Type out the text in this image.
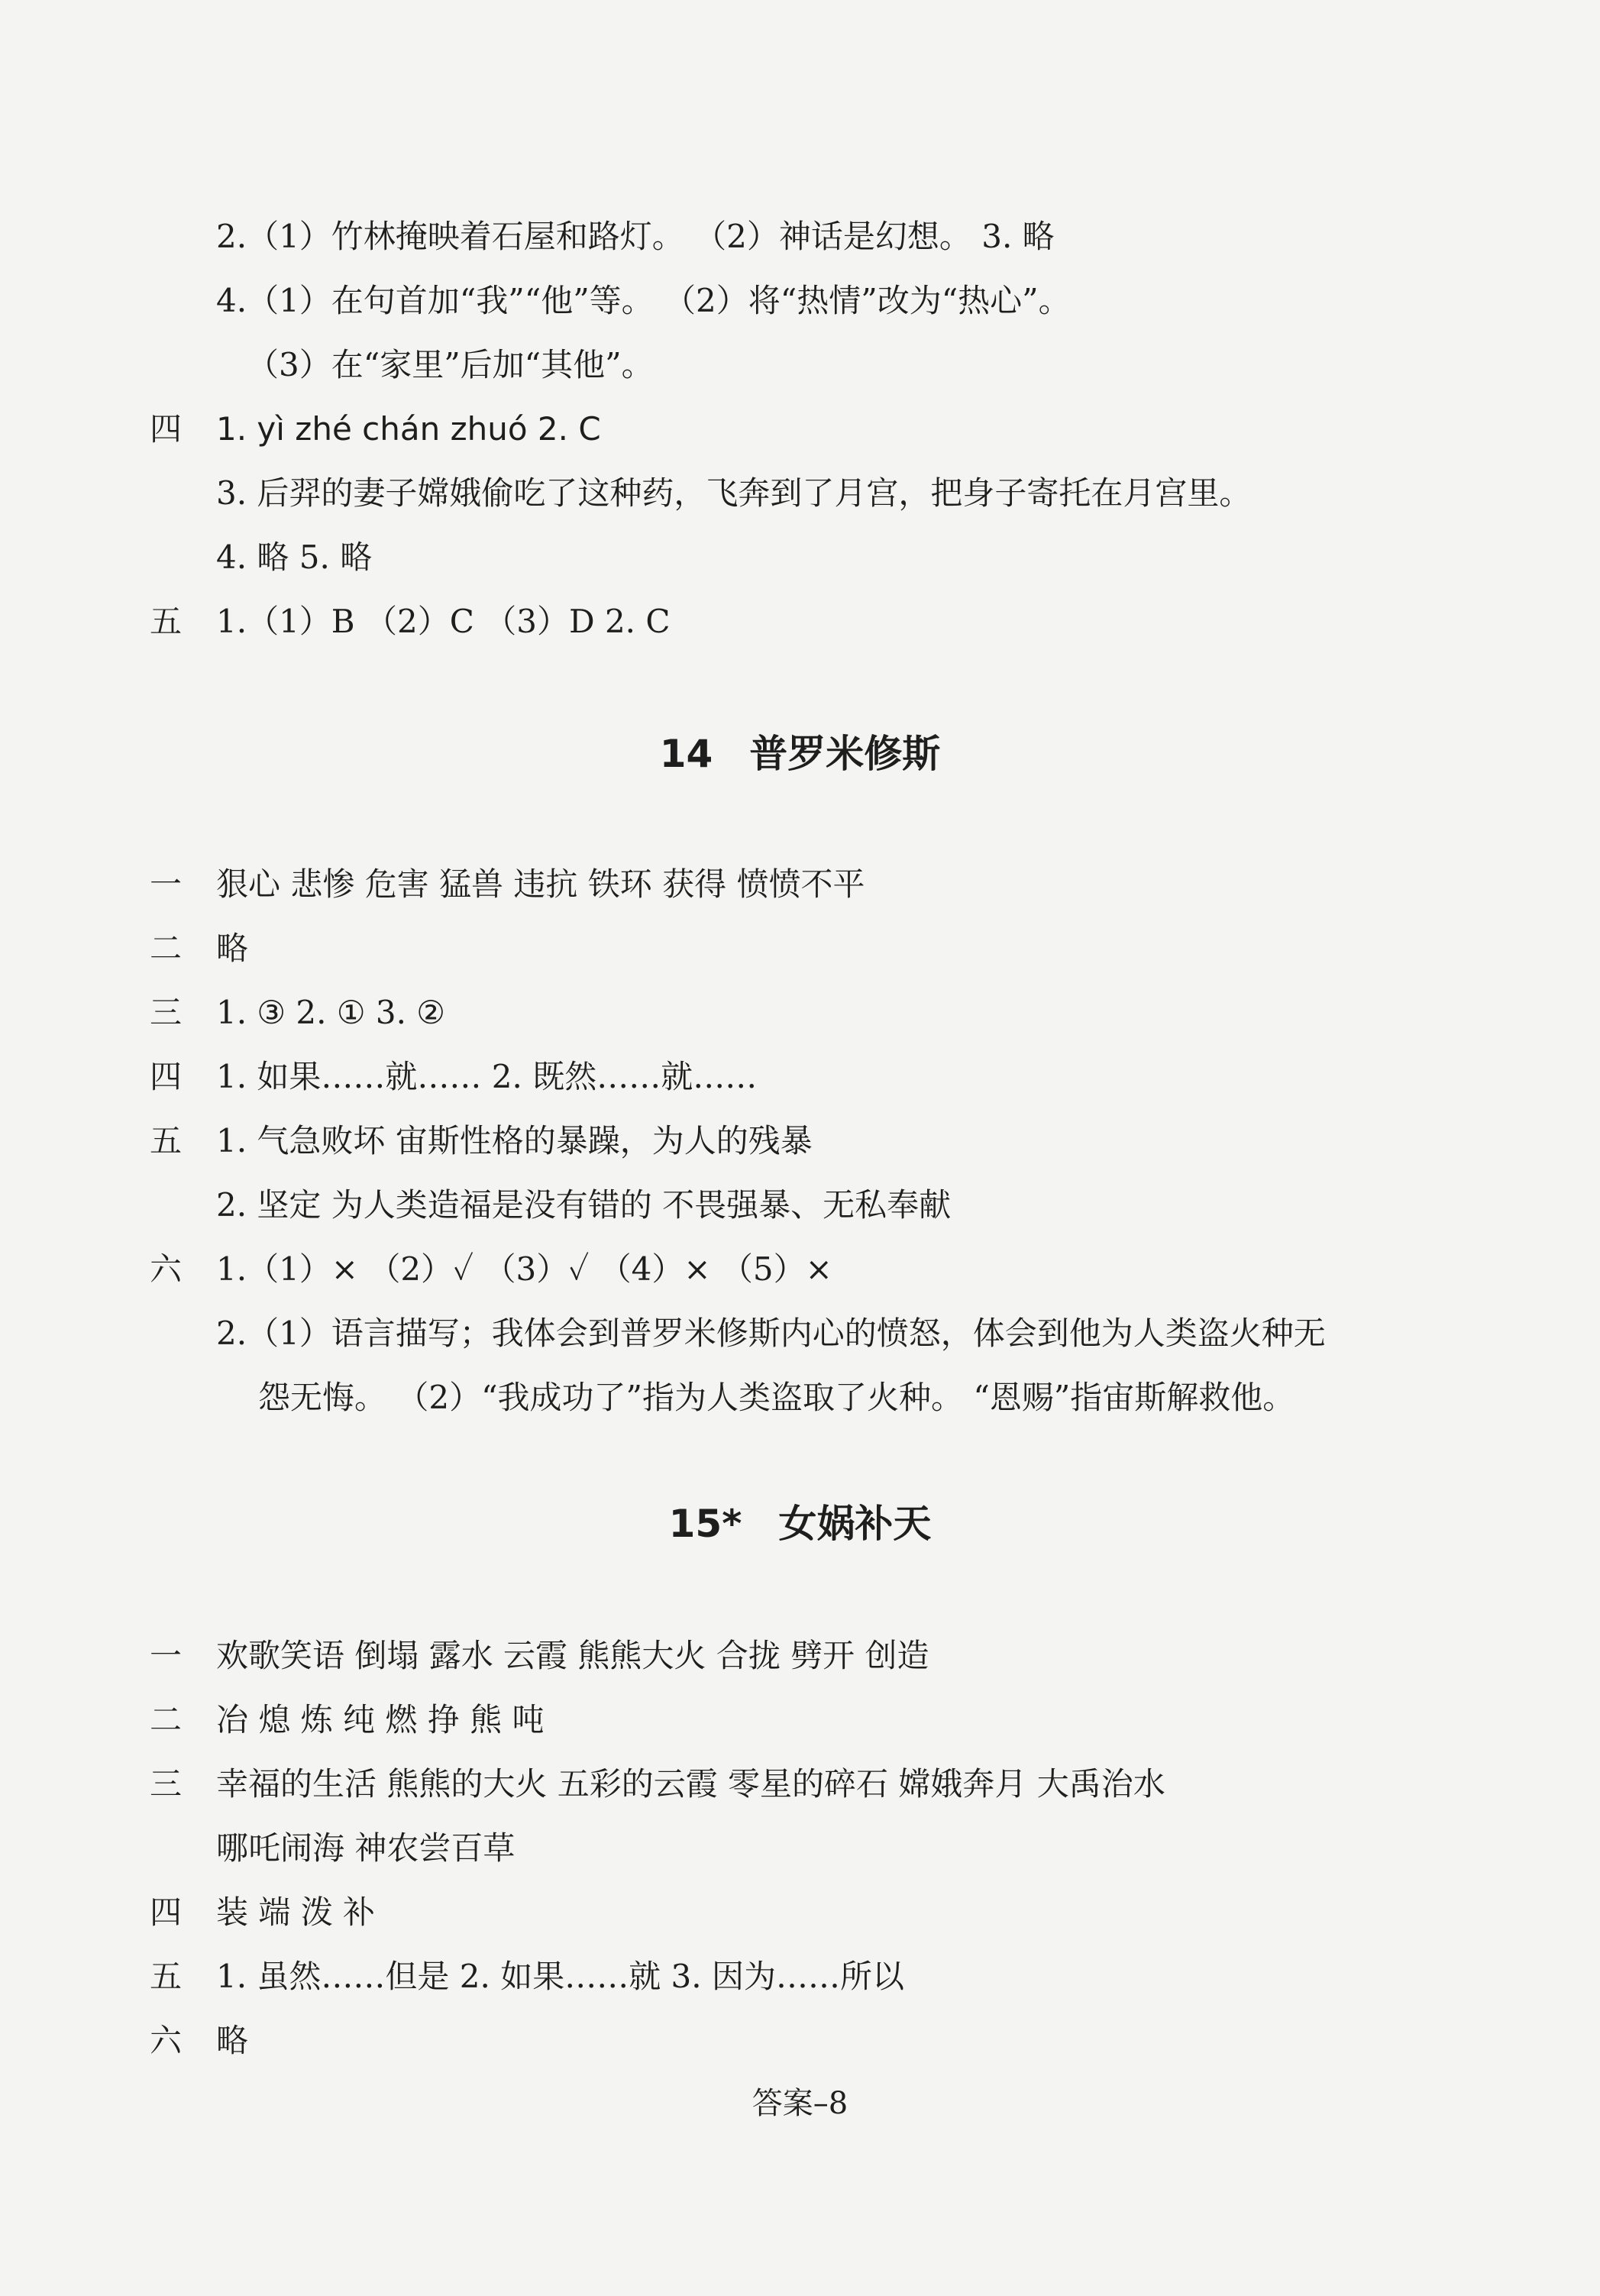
2.（1）竹林掩映着石屋和路灯。 （2）神话是幻想。 3. 略
4.（1）在句首加“我”“他”等。 （2）将“热情”改为“热心”。
（3）在“家里”后加“其他”。
四 1. yì zhé chán zhuó 2. C
3. 后羿的妻子嫦娥偷吃了这种药，飞奔到了月宫，把身子寄托在月宫里。
4. 略 5. 略
五 1.（1）B （2）C （3）D 2. C
14 普罗米修斯
一 狠心 悲惨 危害 猛兽 违抗 铁环 获得 愤愤不平
二 略
三 1. ③ 2. ① 3. ②
四 1. 如果……就…… 2. 既然……就……
五 1. 气急败坏 宙斯性格的暴躁，为人的残暴
2. 坚定 为人类造福是没有错的 不畏强暴、无私奉献
六 1.（1）× （2）✓ （3）✓ （4）× （5）×
2.（1）语言描写；我体会到普罗米修斯内心的愤怒，体会到他为人类盗火种无
怨无悔。 （2）“我成功了”指为人类盗取了火种。 “恩赐”指宙斯解救他。
15* 女娲补天
一 欢歌笑语 倒塌 露水 云霞 熊熊大火 合拢 劈开 创造
二 冶 熄 炼 纯 燃 挣 熊 吨
三 幸福的生活 熊熊的大火 五彩的云霞 零星的碎石 嫦娥奔月 大禹治水
哪吒闹海 神农尝百草
四 装 端 泼 补
五 1. 虽然……但是 2. 如果……就 3. 因为……所以
六 略
答案–8
